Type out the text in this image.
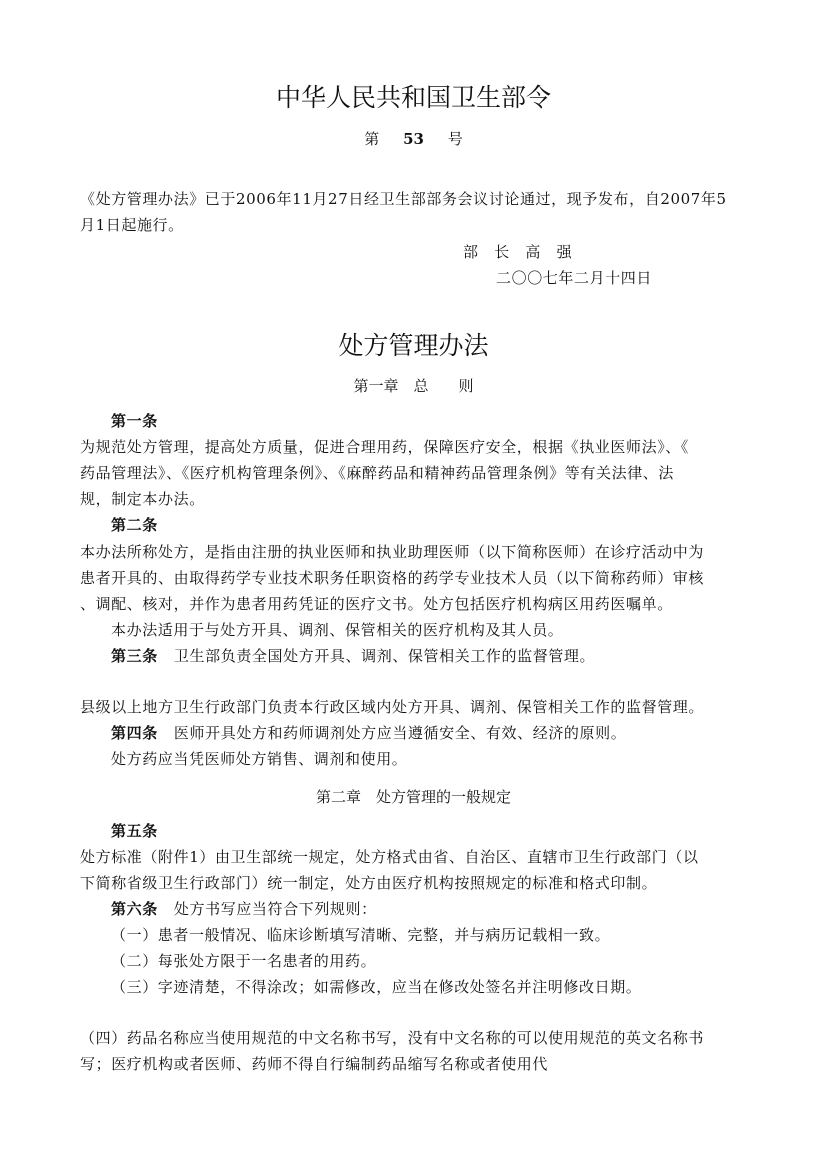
中华人民共和国卫生部令
第 53 号
《处方管理办法》已于2006年11月27日经卫生部部务会议讨论通过，现予发布，自2007年5
月1日起施行。
部　长　高　强
二〇〇七年二月十四日
处方管理办法
第一章　总　　则
第一条
为规范处方管理，提高处方质量，促进合理用药，保障医疗安全，根据《执业医师法》、《
药品管理法》、《医疗机构管理条例》、《麻醉药品和精神药品管理条例》等有关法律、法
规，制定本办法。
第二条
本办法所称处方，是指由注册的执业医师和执业助理医师（以下简称医师）在诊疗活动中为
患者开具的、由取得药学专业技术职务任职资格的药学专业技术人员（以下简称药师）审核
、调配、核对，并作为患者用药凭证的医疗文书。处方包括医疗机构病区用药医嘱单。
本办法适用于与处方开具、调剂、保管相关的医疗机构及其人员。
第三条 卫生部负责全国处方开具、调剂、保管相关工作的监督管理。
县级以上地方卫生行政部门负责本行政区域内处方开具、调剂、保管相关工作的监督管理。
第四条 医师开具处方和药师调剂处方应当遵循安全、有效、经济的原则。
处方药应当凭医师处方销售、调剂和使用。
第二章　处方管理的一般规定
第五条
处方标准（附件1）由卫生部统一规定，处方格式由省、自治区、直辖市卫生行政部门（以
下简称省级卫生行政部门）统一制定，处方由医疗机构按照规定的标准和格式印制。
第六条 处方书写应当符合下列规则：
（一）患者一般情况、临床诊断填写清晰、完整，并与病历记载相一致。
（二）每张处方限于一名患者的用药。
（三）字迹清楚，不得涂改；如需修改，应当在修改处签名并注明修改日期。
（四）药品名称应当使用规范的中文名称书写，没有中文名称的可以使用规范的英文名称书
写；医疗机构或者医师、药师不得自行编制药品缩写名称或者使用代
